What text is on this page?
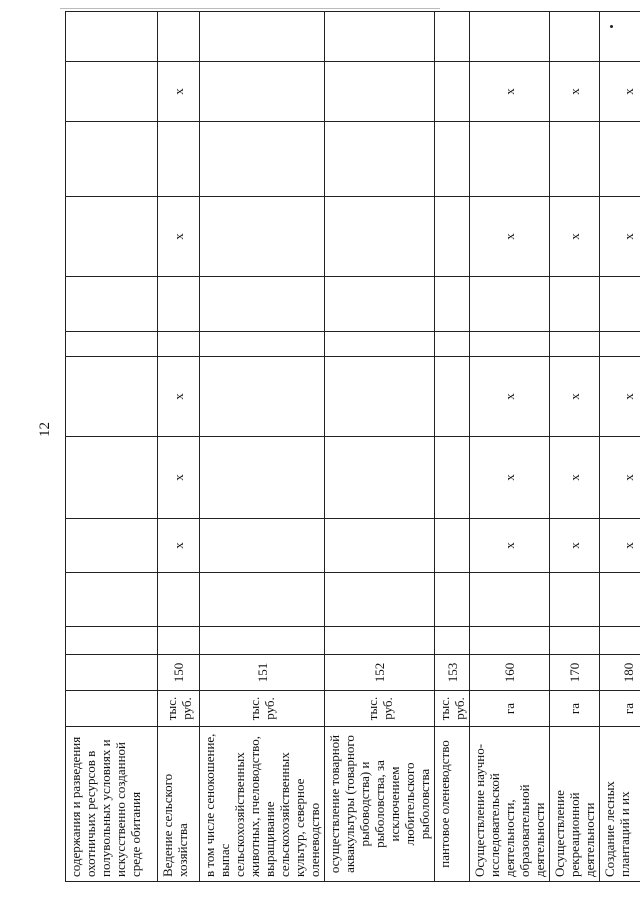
12
содержания и разведения охотничьих ресурсов в полувольных условиях и искусственно созданной среде обитания														
Ведение сельского хозяйства	тыс. руб.	150			x	x	x			x		x		
в том числе сенокошение, выпас сельскохозяйственных животных, пчеловодство, выращивание сельскохозяйственных культур, северное оленеводство	тыс. руб.	151												
осуществление товарной аквакультуры (товарного рыбоводства) и рыболовства, за исключением любительского рыболовства	тыс. руб.	152												
пантовое оленеводство	тыс. руб.	153												
Осуществление научно-исследовательской деятельности, образовательной деятельности	га	160			x	x	x			x		x		
Осуществление рекреационной деятельности	га	170			x	x	x			x		x		
Создание лесных плантаций и их	га	180			x	x	x			x		x		
